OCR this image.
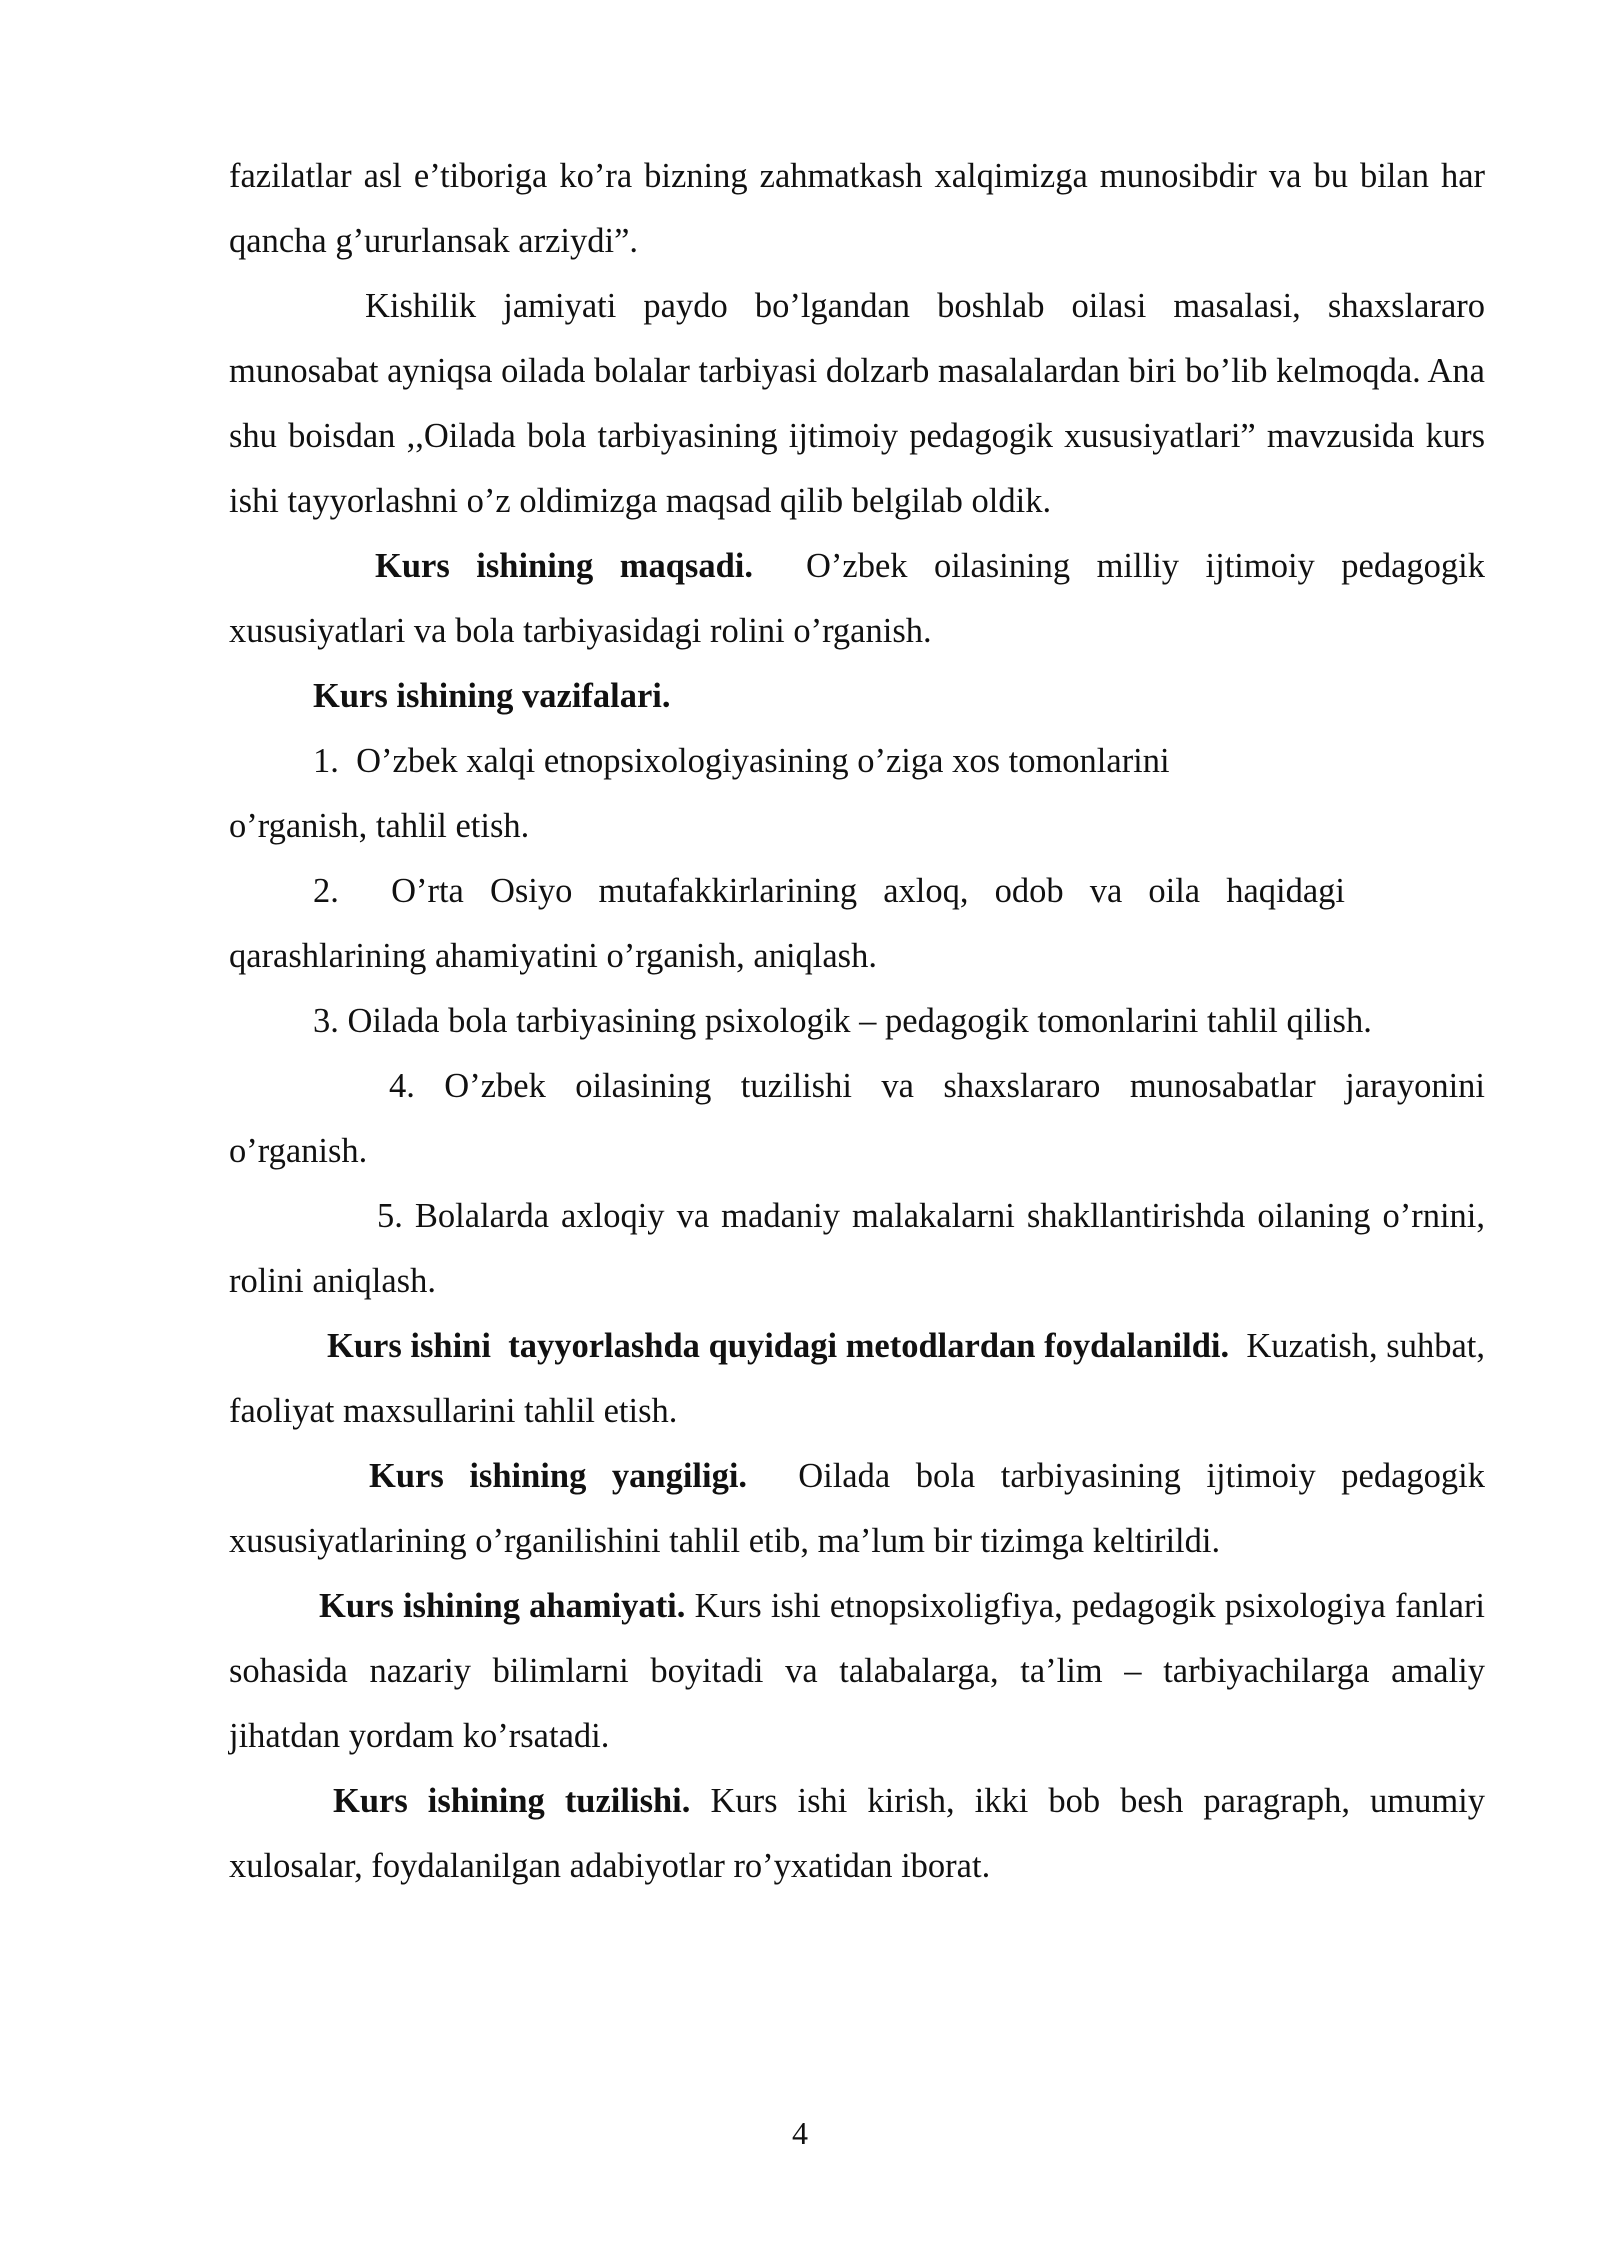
fazilatlar asl e’tiboriga ko’ra bizning zahmatkash xalqimizga munosibdir va bu bilan har qancha g’ururlansak arziydi”.

Kishilik jamiyati paydo bo’lgandan boshlab oilasi masalasi, shaxslararo munosabat ayniqsa oilada bolalar tarbiyasi dolzarb masalalardan biri bo’lib kelmoqda. Ana shu boisdan ,,Oilada bola tarbiyasining ijtimoiy pedagogik xususiyatlari” mavzusida kurs ishi tayyorlashni o’z oldimizga maqsad qilib belgilab oldik.

Kurs ishining maqsadi. O’zbek oilasining milliy ijtimoiy pedagogik xususiyatlari va bola tarbiyasidagi rolini o’rganish.

Kurs ishining vazifalari.

1.  O’zbek xalqi etnopsixologiyasining o’ziga xos tomonlarini o’rganish, tahlil etish.

2.  O’rta Osiyo mutafakkirlarining axloq, odob va oila haqidagi qarashlarining ahamiyatini o’rganish, aniqlash.

3. Oilada bola tarbiyasining psixologik – pedagogik tomonlarini tahlil qilish.

4. O’zbek oilasining tuzilishi va shaxslararo munosabatlar jarayonini o’rganish.

5. Bolalarda axloqiy va madaniy malakalarni shakllantirishda oilaning o’rnini, rolini aniqlash.

Kurs ishini  tayyorlashda quyidagi metodlardan foydalanildi. Kuzatish, suhbat, faoliyat maxsullarini tahlil etish.

Kurs ishining yangiligi. Oilada bola tarbiyasining ijtimoiy pedagogik xususiyatlarining o’rganilishini tahlil etib, ma’lum bir tizimga keltirildi.

Kurs ishining ahamiyati. Kurs ishi etnopsixoligfiya, pedagogik psixologiya fanlari sohasida nazariy bilimlarni boyitadi va talabalarga, ta’lim – tarbiyachilarga amaliy jihatdan yordam ko’rsatadi.

Kurs ishining tuzilishi. Kurs ishi kirish, ikki bob besh paragraph, umumiy xulosalar, foydalanilgan adabiyotlar ro’yxatidan iborat.

4
